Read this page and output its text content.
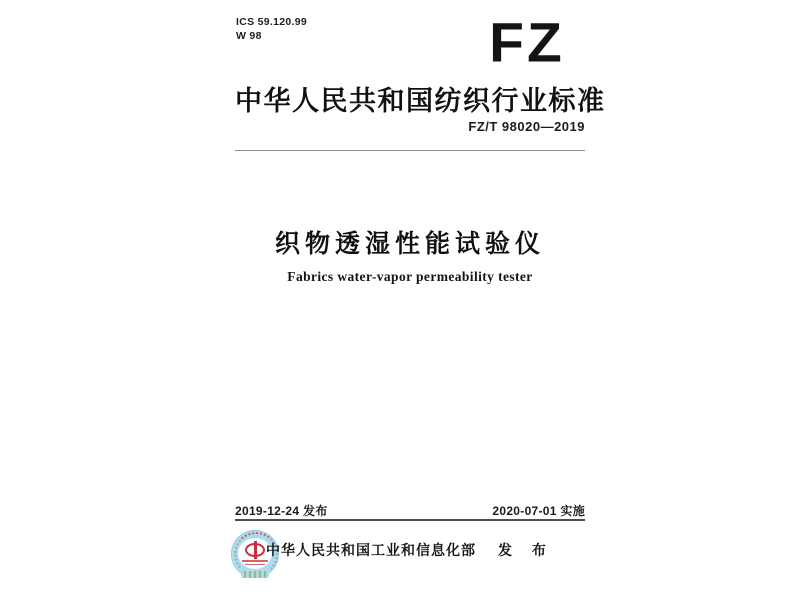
ICS 59.120.99
W 98	FZ
中华人民共和国纺织行业标准
FZ/T 98020—2019
织物透湿性能试验仪
Fabrics water-vapor permeability tester
2019-12-24 发布	2020-07-01 实施
中华人民共和国工业和信息化部 发 布
